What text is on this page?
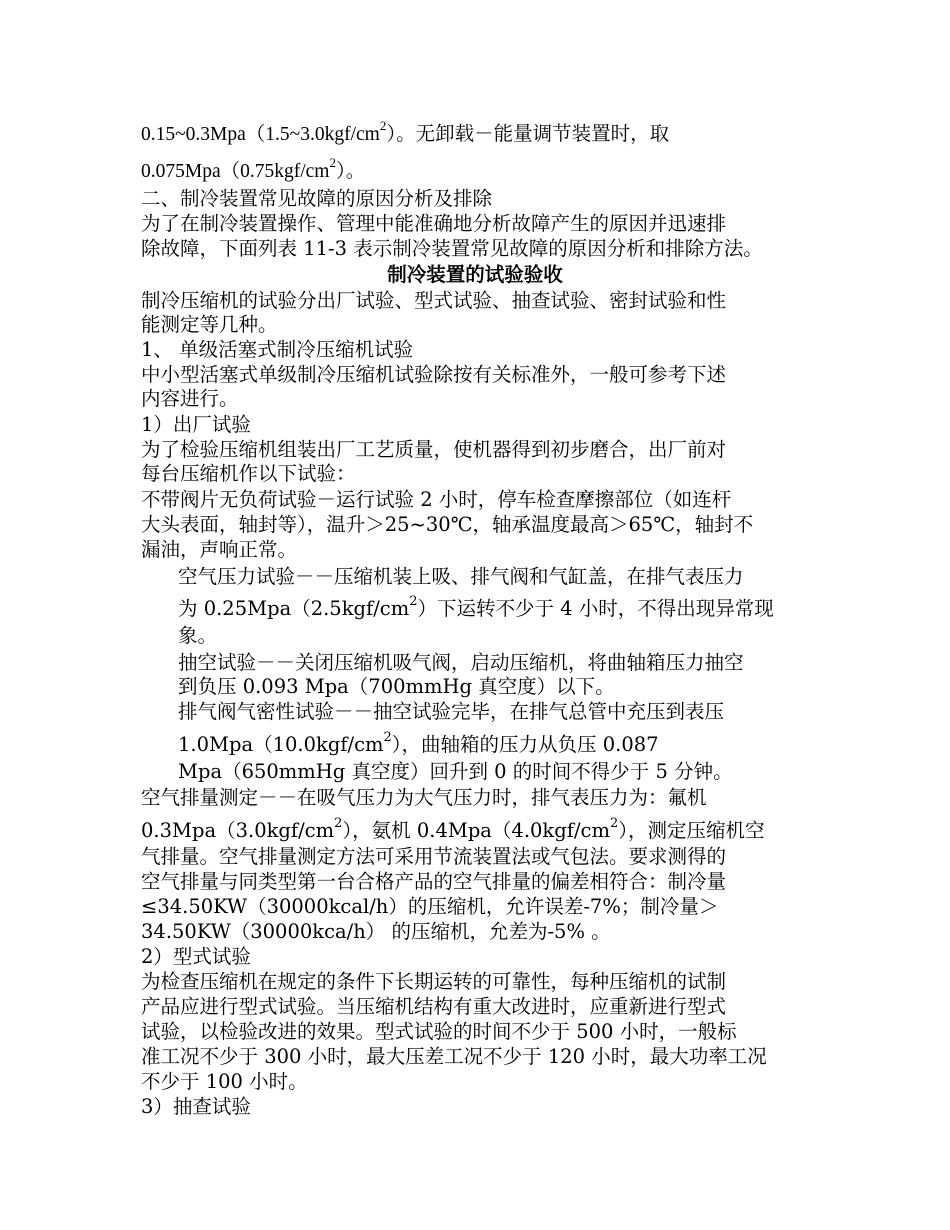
$0.15\sim 0.3Mpa(1.5\sim 3.0kgf/cm^2)$。无卸载－能量调节装置时，取
$0.075Mpa(0.75kgf/cm^2)$。
二、制冷装置常见故障的原因分析及排除
为了在制冷装置操作、管理中能准确地分析故障产生的原因并迅速排
除故障，下面列表 11-3 表示制冷装置常见故障的原因分析和排除方法。
制冷装置的试验验收
制冷压缩机的试验分出厂试验、型式试验、抽查试验、密封试验和性
能测定等几种。
1、 单级活塞式制冷压缩机试验
中小型活塞式单级制冷压缩机试验除按有关标准外，一般可参考下述
内容进行。
1）出厂试验
为了检验压缩机组装出厂工艺质量，使机器得到初步磨合，出厂前对
每台压缩机作以下试验：
不带阀片无负荷试验－运行试验 2 小时，停车检查摩擦部位（如连杆
大头表面，轴封等），温升＞25~30℃，轴承温度最高＞65℃，轴封不
漏油，声响正常。
空气压力试验－－压缩机装上吸、排气阀和气缸盖，在排气表压力
为 $0.25Mpa(2.5kgf/cm^2)$下运转不少于 4 小时，不得出现异常现
象。
抽空试验－－关闭压缩机吸气阀，启动压缩机，将曲轴箱压力抽空
到负压 0.093 Mpa（700mmHg 真空度）以下。
排气阀气密性试验－－抽空试验完毕，在排气总管中充压到表压
$1.0Mpa(10.0kgf/cm^2)$，曲轴箱的压力从负压 0.087
Mpa（650mmHg 真空度）回升到 0 的时间不得少于 5 分钟。
空气排量测定－－在吸气压力为大气压力时，排气表压力为：氟机
$0.3Mpa(3.0kgf/cm^2)$，氨机 $0.4Mpa(4.0kgf/cm^2)$，测定压缩机空
气排量。空气排量测定方法可采用节流装置法或气包法。要求测得的
空气排量与同类型第一台合格产品的空气排量的偏差相符合：制冷量
≤34.50KW（30000kcal/h）的压缩机，允许误差-7%；制冷量＞
34.50KW（30000kca/h） 的压缩机，允差为-5% 。
2）型式试验
为检查压缩机在规定的条件下长期运转的可靠性，每种压缩机的试制
产品应进行型式试验。当压缩机结构有重大改进时，应重新进行型式
试验，以检验改进的效果。型式试验的时间不少于 500 小时，一般标
准工况不少于 300 小时，最大压差工况不少于 120 小时，最大功率工况
不少于 100 小时。
3）抽查试验
